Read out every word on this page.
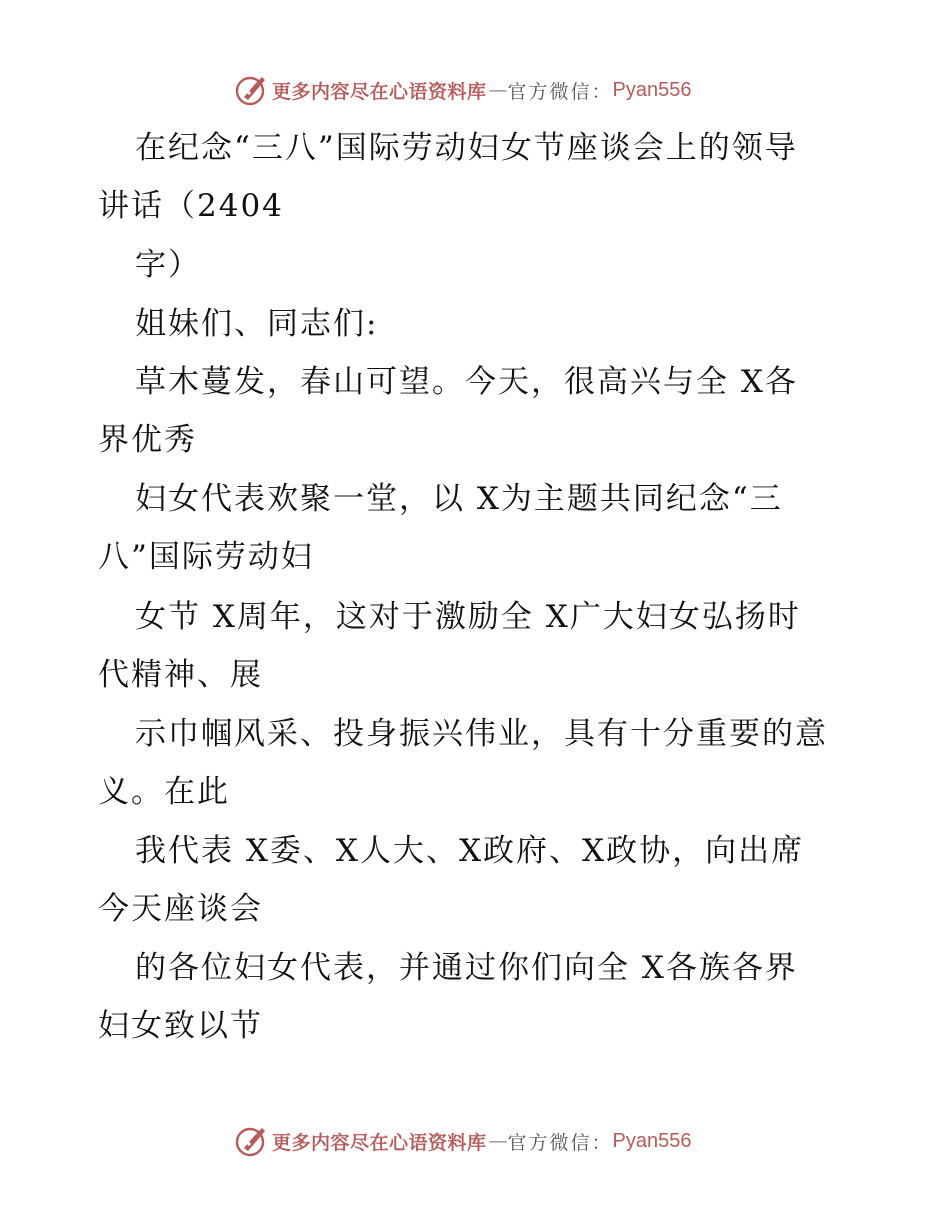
更多内容尽在心语资料库 — 官方微信： Pyan556
在纪念“三八”国际劳动妇女节座谈会上的领导
讲话（2404
字）
姐妹们、同志们:
草木蔓发，春山可望。今天，很高兴与全 X各
界优秀
妇女代表欢聚一堂，以 X为主题共同纪念“三
八”国际劳动妇
女节 X周年，这对于激励全 X广大妇女弘扬时
代精神、展
示巾帼风采、投身振兴伟业，具有十分重要的意
义。在此
我代表 X委、X人大、X政府、X政协，向出席
今天座谈会
的各位妇女代表，并通过你们向全 X各族各界
妇女致以节
更多内容尽在心语资料库 — 官方微信： Pyan556
